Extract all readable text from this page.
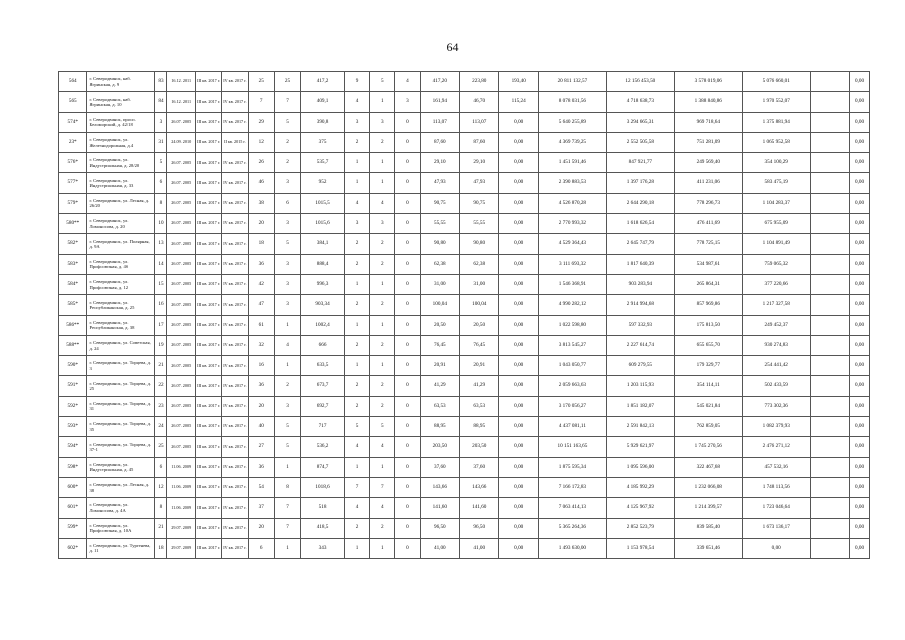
64
564	г. Северодвинск, наб. Ягринская, д. 9	83	16.12. 2011	III кв. 2017 г.	IV кв. 2017 г.	25	25	417,2	9	5	4	417,20	223,80	193,40	20 811 132,57	12 156 453,50	3 578 019,06	5 076 660,01		0,00	
565	г. Северодвинск, наб. Ягринская, д. 10	84	16.12. 2011	III кв. 2017 г.	IV кв. 2017 г.	7	7	409,1	4	1	3	161,94	46,70	115,24	8 078 031,56	4 718 638,73	1 388 840,86	1 970 552,07		0,00	
574*	г. Северодвинск, просп. Беломорский, д. 42/18	3	26.07. 2005	III кв. 2017 г.	IV кв. 2017 г.	29	5	390,8	3	3	0	113,07	113,07	0,00	5 640 255,89	3 294 665,31	969 718,64	1 375 881,94		0,00	
23*	г. Северодвинск, ул. Железнодорожная, д.4	31	24.09. 2010	III кв. 2017 г.	II кв. 2015 г.	12	2	375	2	2	0	87,60	87,60	0,00	4 369 739,25	2 552 505,58	751 281,09	1 065 952,58		0,00	
576*	г. Северодвинск, ул. Индустриальная, д. 28/20	5	26.07. 2005	III кв. 2017 г.	IV кв. 2017 г.	26	2	535,7	1	1	0	29,10	29,10	0,00	1 451 591,46	847 921,77	249 569,40	354 100,29		0,00	
577*	г. Северодвинск, ул. Индустриальная, д. 33	6	26.07. 2005	III кв. 2017 г.	IV кв. 2017 г.	46	3	952	1	1	0	47,93	47,93	0,00	2 390 883,53	1 397 176,28	411 231,06	583 475,19		0,00	
579*	г. Северодвинск, ул. Лесная, д. 26/20	8	26.07. 2005	III кв. 2017 г.	IV кв. 2017 г.	38	6	1015,5	4	4	0	90,75	90,75	0,00	4 526 870,28	2 644 290,18	778 296,73	1 104 283,37		0,00	
580**	г. Северодвинск, ул. Ломоносова, д. 20	10	26.07. 2005	III кв. 2017 г.	IV кв. 2017 г.	20	3	1015,6	3	3	0	55,55	55,55	0,00	2 770 993,32	1 618 626,54	476 411,69	675 955,09		0,00	
582*	г. Северодвинск, ул. Полярная, д. 9А	13	26.07. 2005	III кв. 2017 г.	IV кв. 2017 г.	18	5	384,1	2	2	0	90,80	90,80	0,00	4 529 364,43	2 645 747,79	778 725,15	1 104 891,49		0,00	
583*	г. Северодвинск, ул. Профсоюзная, д. 4б	14	26.07. 2005	III кв. 2017 г.	IV кв. 2017 г.	36	3	888,4	2	2	0	62,38	62,38	0,00	3 111 693,32	1 817 640,39	534 987,61	759 065,32		0,00	
584*	г. Северодвинск, ул. Профсоюзная, д. 12	15	26.07. 2005	III кв. 2017 г.	IV кв. 2017 г.	42	3	996,3	1	1	0	31,00	31,00	0,00	1 546 368,91	903 283,94	265 864,31	377 220,66		0,00	
585*	г. Северодвинск, ул. Республиканская, д. 25	16	26.07. 2005	III кв. 2017 г.	IV кв. 2017 г.	47	3	903,34	2	2	0	100,04	100,04	0,00	4 990 282,12	2 914 994,68	857 969,86	1 217 327,58		0,00	
586**	г. Северодвинск, ул. Республиканская, д. 38	17	26.07. 2005	III кв. 2017 г.	IV кв. 2017 г.	61	1	1002,4	1	1	0	20,50	20,50	0,00	1 022 598,80	597 332,93	175 813,50	249 452,37		0,00	
588**	г. Северодвинск, ул. Советская, д. 24	19	26.07. 2005	III кв. 2017 г.	IV кв. 2017 г.	32	4	666	2	2	0	76,45	76,45	0,00	3 813 545,27	2 227 614,74	655 655,70	930 274,83		0,00	
590*	г. Северодвинск, ул. Торцева, д. 3	21	26.07. 2005	III кв. 2017 г.	IV кв. 2017 г.	16	1	633,5	1	1	0	20,91	20,91	0,00	1 043 050,77	609 279,55	179 329,77	254 441,42		0,00	
591*	г. Северодвинск, ул. Торцева, д. 25	22	26.07. 2005	III кв. 2017 г.	IV кв. 2017 г.	36	2	673,7	2	2	0	41,29	41,29	0,00	2 059 663,63	1 203 115,93	354 114,11	502 433,59		0,00	
592*	г. Северодвинск, ул. Торцева, д. 31	23	26.07. 2005	III кв. 2017 г.	IV кв. 2017 г.	20	3	692,7	2	2	0	63,53	63,53	0,00	3 170 056,27	1 851 182,07	545 021,84	773 302,36		0,00	
593*	г. Северодвинск, ул. Торцева, д. 35	24	26.07. 2005	III кв. 2017 г.	IV кв. 2017 г.	40	5	717	5	5	0	88,95	88,95	0,00	4 437 081,11	2 591 842,13	762 859,05	1 082 379,93		0,00	
594*	г. Северодвинск, ул. Торцева, д. 37-1	25	26.07. 2005	III кв. 2017 г.	IV кв. 2017 г.	27	5	536,2	4	4	0	203,50	203,50	0,00	10 151 163,65	5 929 621,97	1 745 270,56	2 476 271,12		0,00	
598*	г. Северодвинск, ул. Индустриальная, д. 45	6	11.06. 2009	III кв. 2017 г.	IV кв. 2017 г.	36	1	874,7	1	1	0	37,60	37,60	0,00	1 875 595,34	1 095 596,00	322 467,68	457 532,16		0,00	
600*	г. Северодвинск, ул. Лесная, д. 38	12	11.06. 2009	III кв. 2017 г.	IV кв. 2017 г.	54	8	1018,6	7	7	0	143,66	143,66	0,00	7 166 172,83	4 185 992,29	1 232 066,08	1 748 113,56		0,00	
601*	г. Северодвинск, ул. Ломоносова, д. 4А	8	11.06. 2009	III кв. 2017 г.	IV кв. 2017 г.	37	7	518	4	4	0	141,60	141,60	0,00	7 063 414,13	4 125 967,92	1 214 399,57	1 723 046,64		0,00	
599*	г. Северодвинск, ул. Профсоюзная, д. 10А	21	29.07. 2009	III кв. 2017 г.	IV кв. 2017 г.	20	7	418,5	2	2	0	96,50	96,50	0,00	5 365 264,36	2 852 523,79	839 585,40	1 673 136,17		0,00	
602*	г. Северодвинск, ул. Тургенева, д. 11	18	29.07. 2009	III кв. 2017 г.	IV кв. 2017 г.	6	1	343	1	1	0	41,00	41,00	0,00	1 493 630,00	1 153 978,54	339 651,46	0,00		0,00	
